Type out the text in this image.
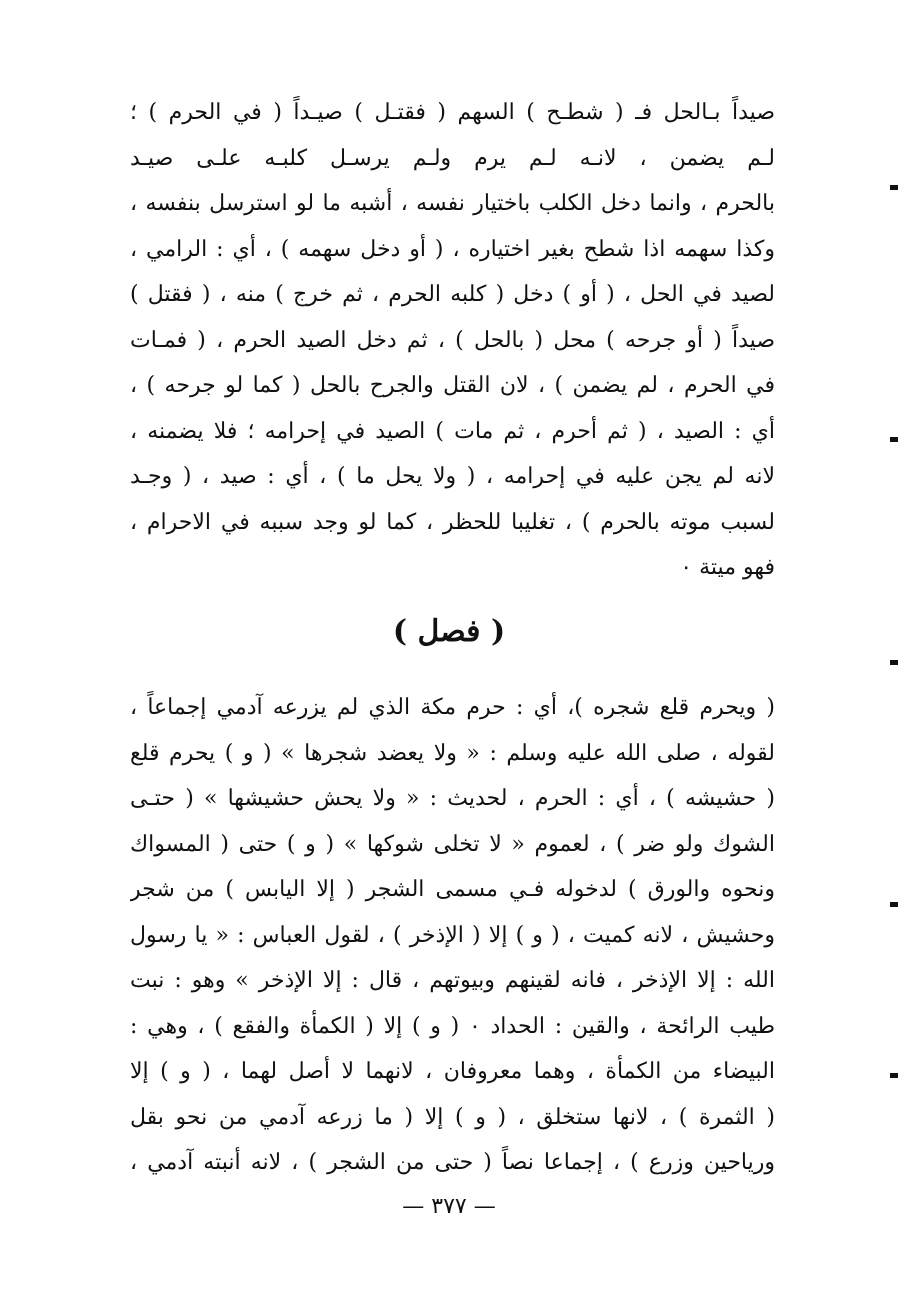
صيداً بـالحل فـ ( شطـح ) السهم ( فقتـل ) صيـداً ( في الحرم ) ؛
لـم يضمن ، لانـه لـم يرم ولـم يرسـل كلبـه علـى صيـد
بالحرم ، وانما دخل الكلب باختيار نفسه ، أشبه ما لو استرسل بنفسه ،
وكذا سهمه اذا شطح بغير اختياره ، ( أو دخل سهمه ) ، أي : الرامي ،
لصيد في الحل ، ( أو ) دخل ( كلبه الحرم ، ثم خرج ) منه ، ( فقتل )
صيداً ( أو جرحه ) محل ( بالحل ) ، ثم دخل الصيد الحرم ، ( فمـات
في الحرم ، لم يضمن ) ، لان القتل والجرح بالحل ( كما لو جرحه ) ،
أي : الصيد ، ( ثم أحرم ، ثم مات ) الصيد في إحرامه ؛ فلا يضمنه ،
لانه لم يجن عليه في إحرامه ، ( ولا يحل ما ) ، أي : صيد ، ( وجـد
لسبب موته بالحرم ) ، تغليبا للحظر ، كما لو وجد سببه في الاحرام ،
فهو ميتة ٠
( فصل )
( ويحرم قلع شجره )، أي : حرم مكة الذي لم يزرعه آدمي إجماعاً ،
لقوله ، صلى الله عليه وسلم : « ولا يعضد شجرها » ( و ) يحرم قلع
( حشيشه ) ، أي : الحرم ، لحديث : « ولا يحش حشيشها » ( حتـى
الشوك ولو ضر ) ، لعموم « لا تخلى شوكها » ( و ) حتى ( المسواك
ونحوه والورق ) لدخوله فـي مسمى الشجر ( إلا اليابس ) من شجر
وحشيش ، لانه كميت ، ( و ) إلا ( الإذخر ) ، لقول العباس : « يا رسول
الله : إلا الإذخر ، فانه لقينهم وبيوتهم ، قال : إلا الإذخر » وهو : نبت
طيب الرائحة ، والقين : الحداد ٠ ( و ) إلا ( الكمأة والفقع ) ، وهي :
البيضاء من الكمأة ، وهما معروفان ، لانهما لا أصل لهما ، ( و ) إلا
( الثمرة ) ، لانها ستخلق ، ( و ) إلا ( ما زرعه آدمي من نحو بقل
ورياحين وزرع ) ، إجماعا نصاً ( حتى من الشجر ) ، لانه أنبته آدمي ،
— ٣٧٧ —
